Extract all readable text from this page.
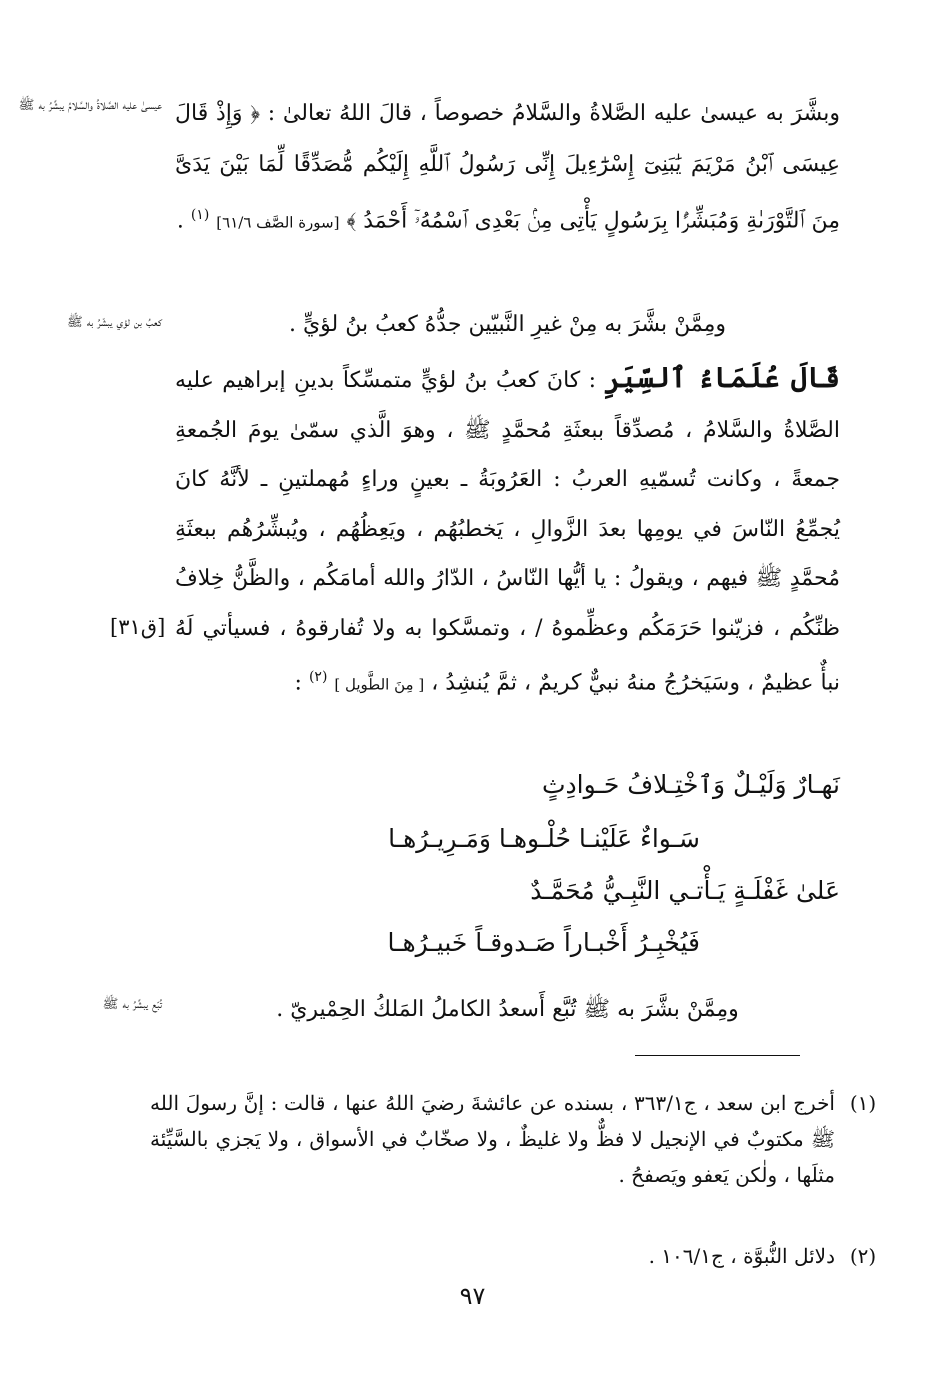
عيسىٰ عليه الصَّلاةُ والسَّلامُ يبشِّرُ به ﷺ وبشَّرَ به عيسىٰ عليه الصَّلاةُ والسَّلامُ خصوصاً ، قالَ اللهُ تعالىٰ : ﴿ وَإِذْ قَالَ عِيسَى ٱبْنُ مَرْيَمَ يَٰبَنِىٓ إِسْرَٰٓءِيلَ إِنِّى رَسُولُ ٱللَّهِ إِلَيْكُم مُّصَدِّقًا لِّمَا بَيْنَ يَدَىَّ مِنَ ٱلتَّوْرَىٰةِ وَمُبَشِّرًۢا بِرَسُولٍ يَأْتِى مِنۢ بَعْدِى ٱسْمُهُۥٓ أَحْمَدُ ﴾ [سورة الصَّف ٦١/٦] $^{(١)}$ .
كعبُ بن لؤي يبشّرُ به ﷺ	ومِمَّنْ بشَّرَ به مِنْ غيرِ النَّبيّين جدُّهُ كعبُ بنُ لؤيٍّ .
قَالَ عُلَمَاءُ ٱلسِّيَرِ : كانَ كعبُ بنُ لؤيٍّ متمسِّكاً بدينِ إبراهيم عليه الصَّلاةُ والسَّلامُ ، مُصدِّقاً ببعثَةِ مُحمَّدٍ ﷺ ، وهوَ الَّذي سمّىٰ يومَ الجُمعةِ جمعةً ، وكانت تُسمّيهِ العربُ : العَرُوبَةُ ـ بعينٍ وراءٍ مُهملتينِ ـ لأنَّهُ كانَ يُجمِّعُ النّاسَ في يومِها بعدَ الزَّوالِ ، يَخطبُهُم ، ويَعِظُهُم ، ويُبشِّرُهُم ببعثَةِ مُحمَّدٍ ﷺ فيهم ، ويقولُ : يا أيُّها النّاسُ ، الدّارُ والله أمامَكُم ، والظَّنُّ خِلافُ ظنِّكُم ، فزيّنوا حَرَمَكُم وعظِّموهُ / ، وتمسَّكوا به ولا تُفارقوهُ ، فسيأتي لَهُ نبأٌ عظيمٌ ، وسَيَخرُجُ منهُ نبيٌّ كريمٌ ، ثمَّ يُنشِدُ ، [ مِنَ الطَّويل ] $^{(٢)}$ :
[ق٣١]
نَهـارٌ وَلَيْـلٌ وَٱخْتِـلافُ حَـوادِثٍ
سَـواءٌ عَلَيْنـا حُلْـوهـا وَمَـرِيـرُهـا
عَلىٰ غَفْلَـةٍ يَـأْتـي النَّبِـيُّ مُحَمَّـدٌ
فَيُخْبِـرُ أَخْبـاراً صَـدوقـاً خَبيـرُهـا
تُبّع يبشِّرُ به ﷺ	ومِمَّنْ بشَّرَ به ﷺ تُبَّع أَسعدُ الكاملُ المَلكُ الحِمْيريّ .
(١)
أخرج ابن سعد ، ج٣٦٣/١ ، بسنده عن عائشةَ رضيَ اللهُ عنها ، قالت : إنَّ رسولَ الله ﷺ مكتوبٌ في الإنجيل لا فظٌّ ولا غليظٌ ، ولا صخّابٌ في الأسواق ، ولا يَجزي بالسَّيِّئة مثلَها ، ولٰكن يَعفو ويَصفحُ .
(٢)
دلائل النُّبوَّة ، ج١٠٦/١ .
٩٧
